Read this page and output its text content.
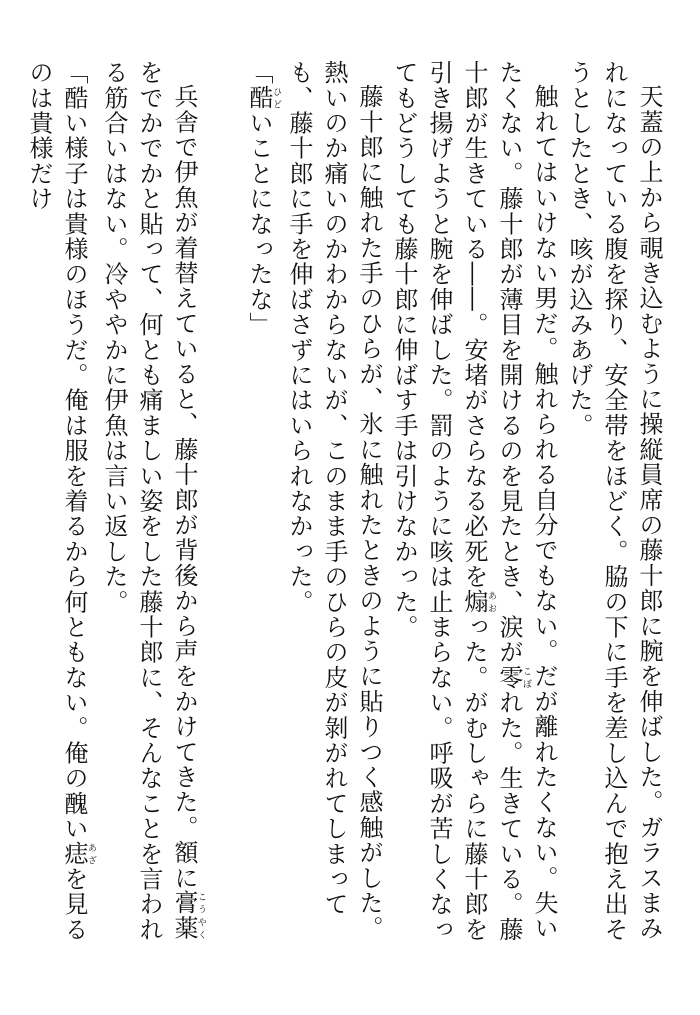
天蓋の上から覗き込むように操縦員席の藤十郎に腕を伸ばした。ガラスまみれになっている腹を探り、安全帯をほどく。脇の下に手を差し込んで抱え出そうとしたとき、咳が込みあげた。

触れてはいけない男だ。触れられる自分でもない。だが離れたくない。失いたくない。藤十郎が薄目を開けるのを見たとき、涙が零こぼれた。生きている。藤十郎が生きている――。安堵がさらなる必死を煽あおった。がむしゃらに藤十郎を引き揚げようと腕を伸ばした。罰のように咳は止まらない。呼吸が苦しくなってもどうしても藤十郎に伸ばす手は引けなかった。

藤十郎に触れた手のひらが、氷に触れたときのように貼りつく感触がした。熱いのか痛いのかわからないが、このまま手のひらの皮が剝がれてしまっても、藤十郎に手を伸ばさずにはいられなかった。

「酷ひどいことになったな」

兵舎で伊魚が着替えていると、藤十郎が背後から声をかけてきた。額に膏薬こうやくをでかでかと貼って、何とも痛ましい姿をした藤十郎に、そんなことを言われる筋合いはない。冷ややかに伊魚は言い返した。

「酷い様子は貴様のほうだ。俺は服を着るから何ともない。俺の醜い痣あざを見るのは貴様だけ
